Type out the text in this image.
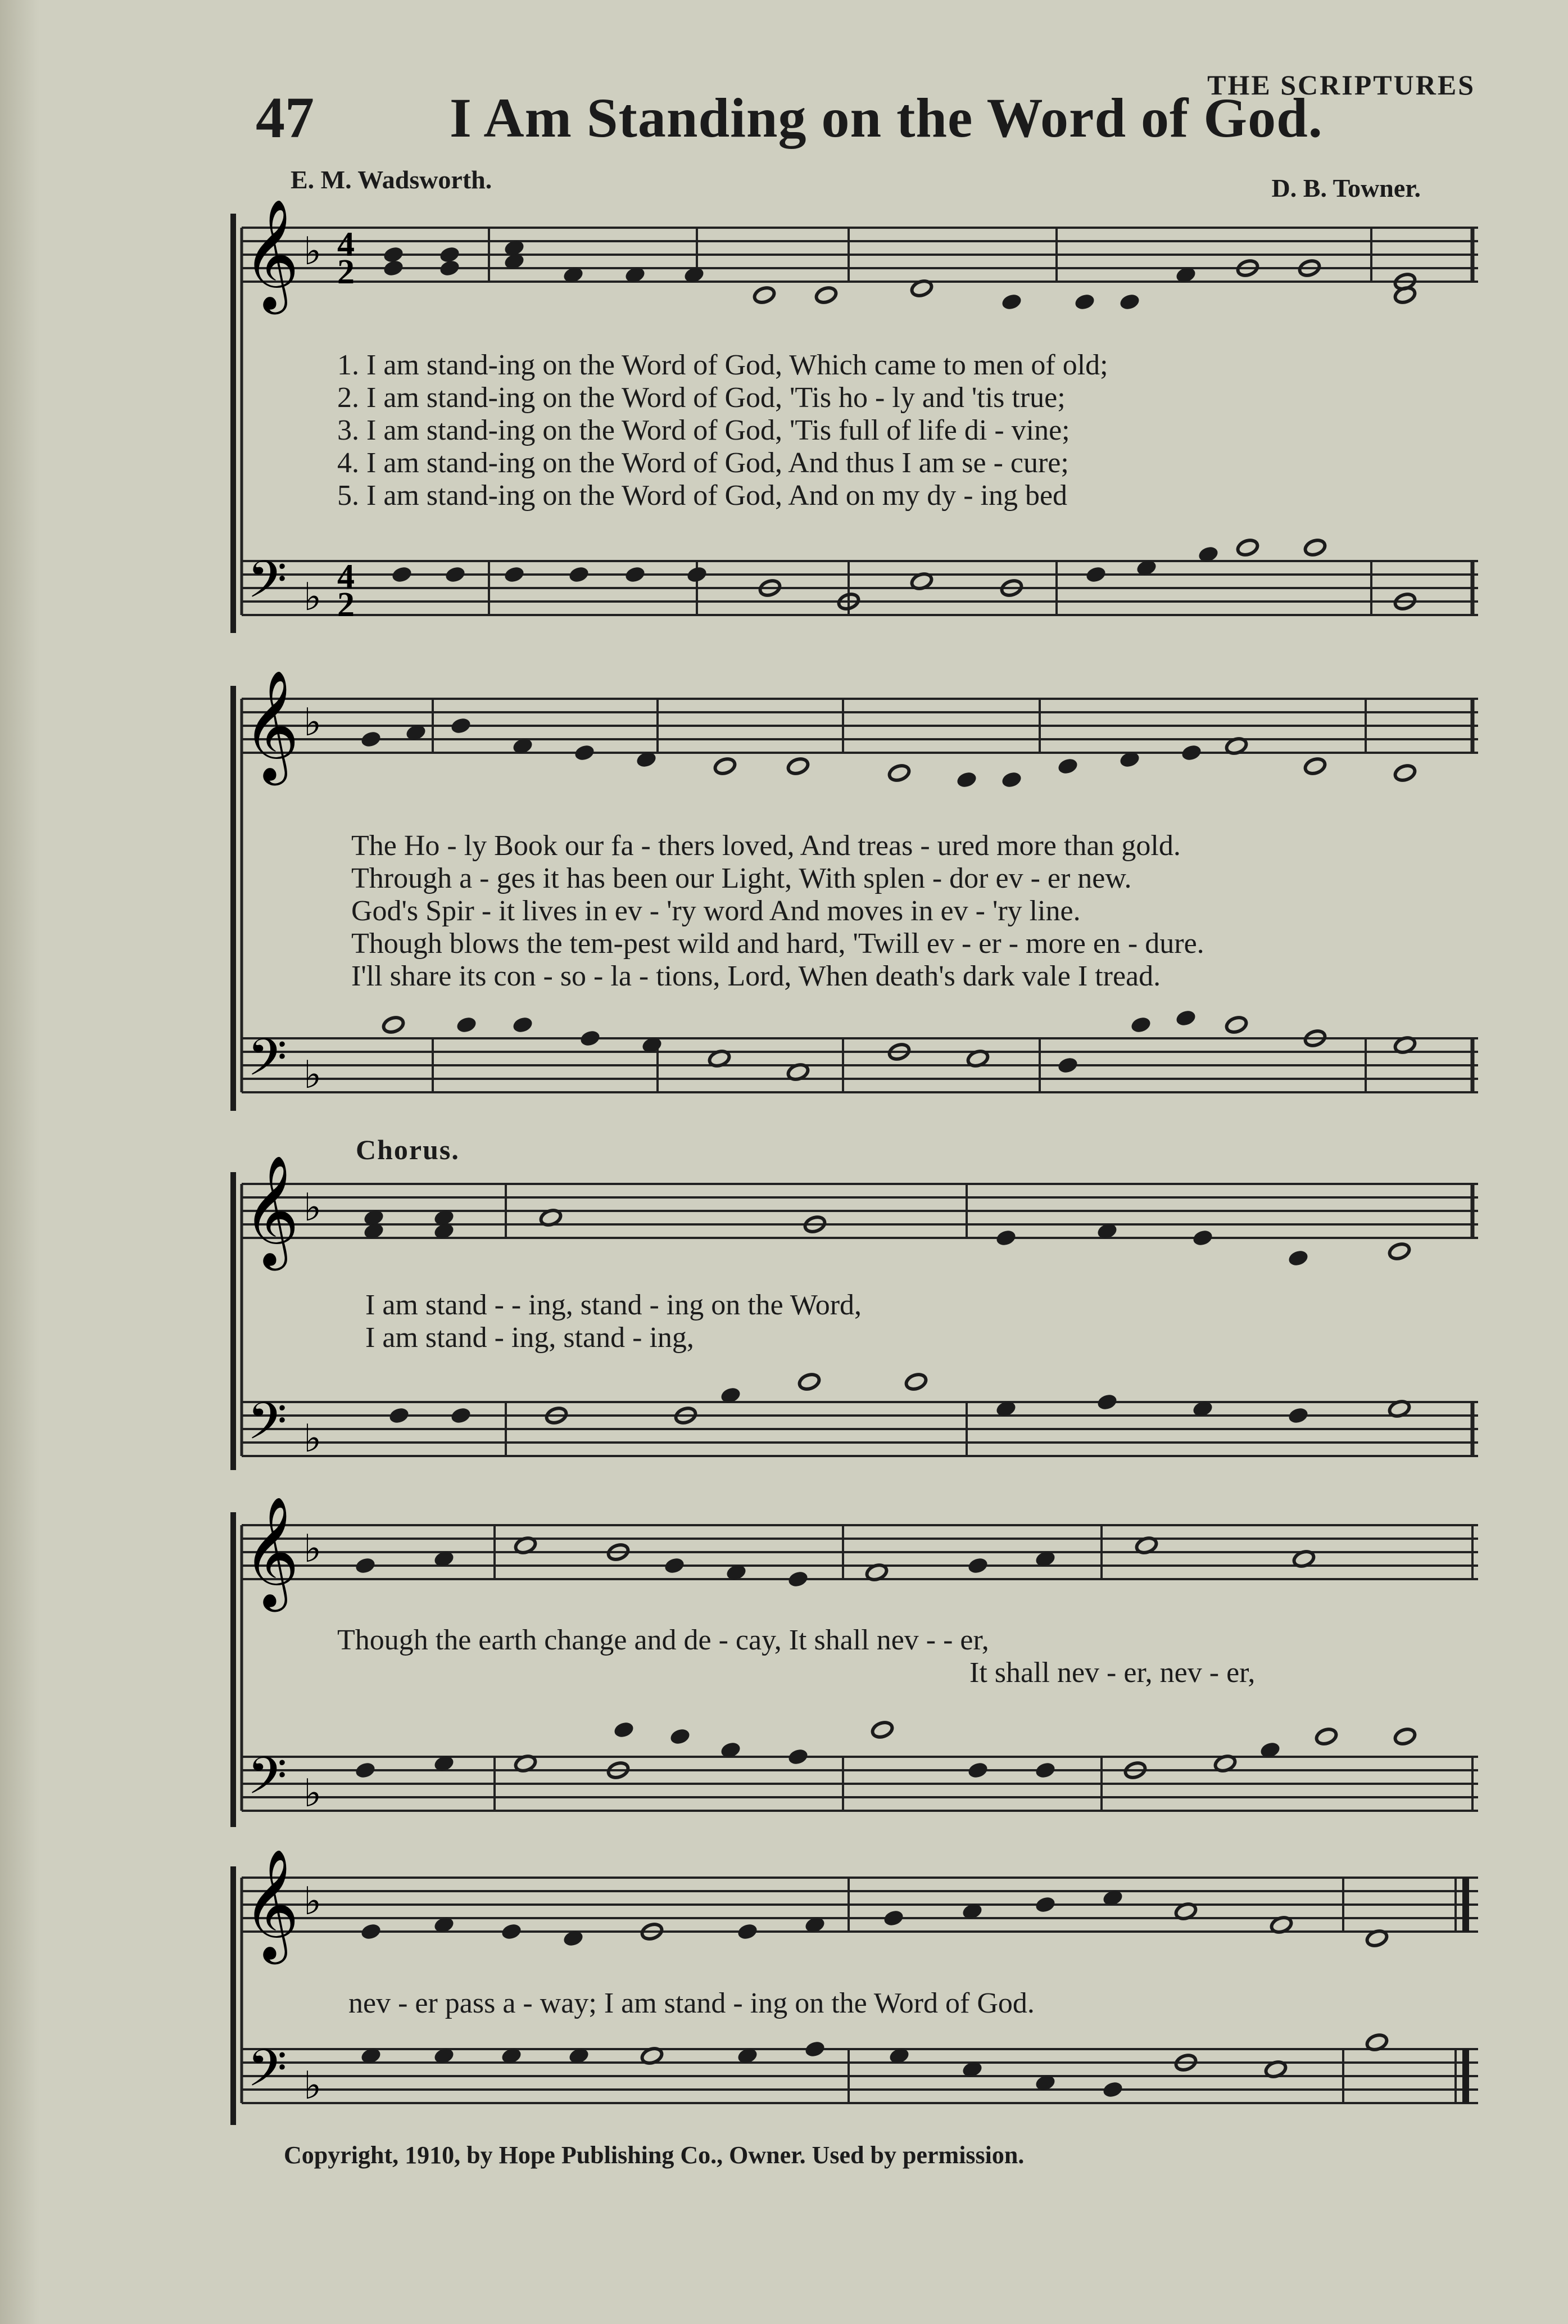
THE SCRIPTURES
47 I Am Standing on the Word of God.
E. M. Wadsworth.	D. B. Towner.
𝄞 ♭ 4
2
𝄢 ♭ 4
2
𝄞 ♭
𝄢 ♭
𝄞 ♭
𝄢 ♭
𝄞 ♭
𝄢 ♭
𝄞 ♭
𝄢 ♭
1. I am stand-ing on the Word of God, Which came to men of old;
2. I am stand-ing on the Word of God, 'Tis ho - ly and 'tis true;
3. I am stand-ing on the Word of God, 'Tis full of life di - vine;
4. I am stand-ing on the Word of God, And thus I am se - cure;
5. I am stand-ing on the Word of God, And on my dy - ing bed
The Ho - ly Book our fa - thers loved, And treas - ured more than gold.
Through a - ges it has been our Light, With splen - dor ev - er new.
God's Spir - it lives in ev - 'ry word And moves in ev - 'ry line.
Though blows the tem-pest wild and hard, 'Twill ev - er - more en - dure.
I'll share its con - so - la - tions, Lord, When death's dark vale I tread.
Chorus.
I am stand - - ing, stand - ing on the Word,
I am stand - ing, stand - ing,
Though the earth change and de - cay, It shall nev - - er,
It shall nev - er, nev - er,
nev - er pass a - way; I am stand - ing on the Word of God.
Copyright, 1910, by Hope Publishing Co., Owner. Used by permission.
